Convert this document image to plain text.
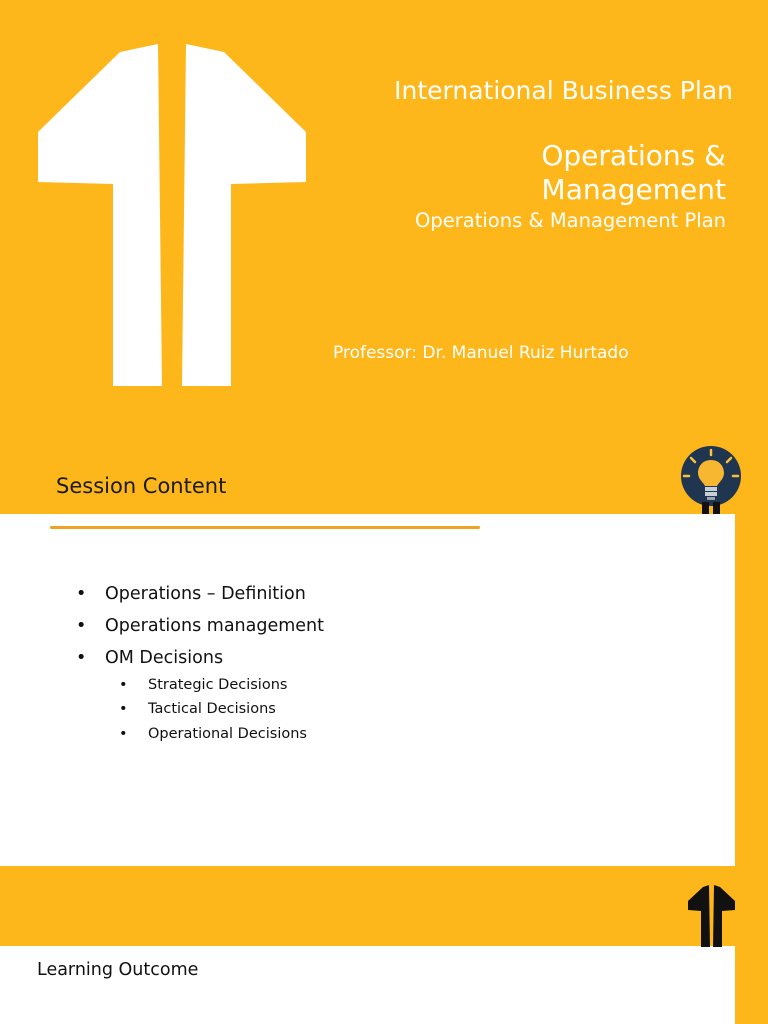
International Business Plan
Operations & Management
Operations & Management Plan
Professor: Dr. Manuel Ruiz Hurtado
Session Content
• Operations – Definition
• Operations management
• OM Decisions
• Strategic Decisions
• Tactical Decisions
• Operational Decisions
Learning Outcome
